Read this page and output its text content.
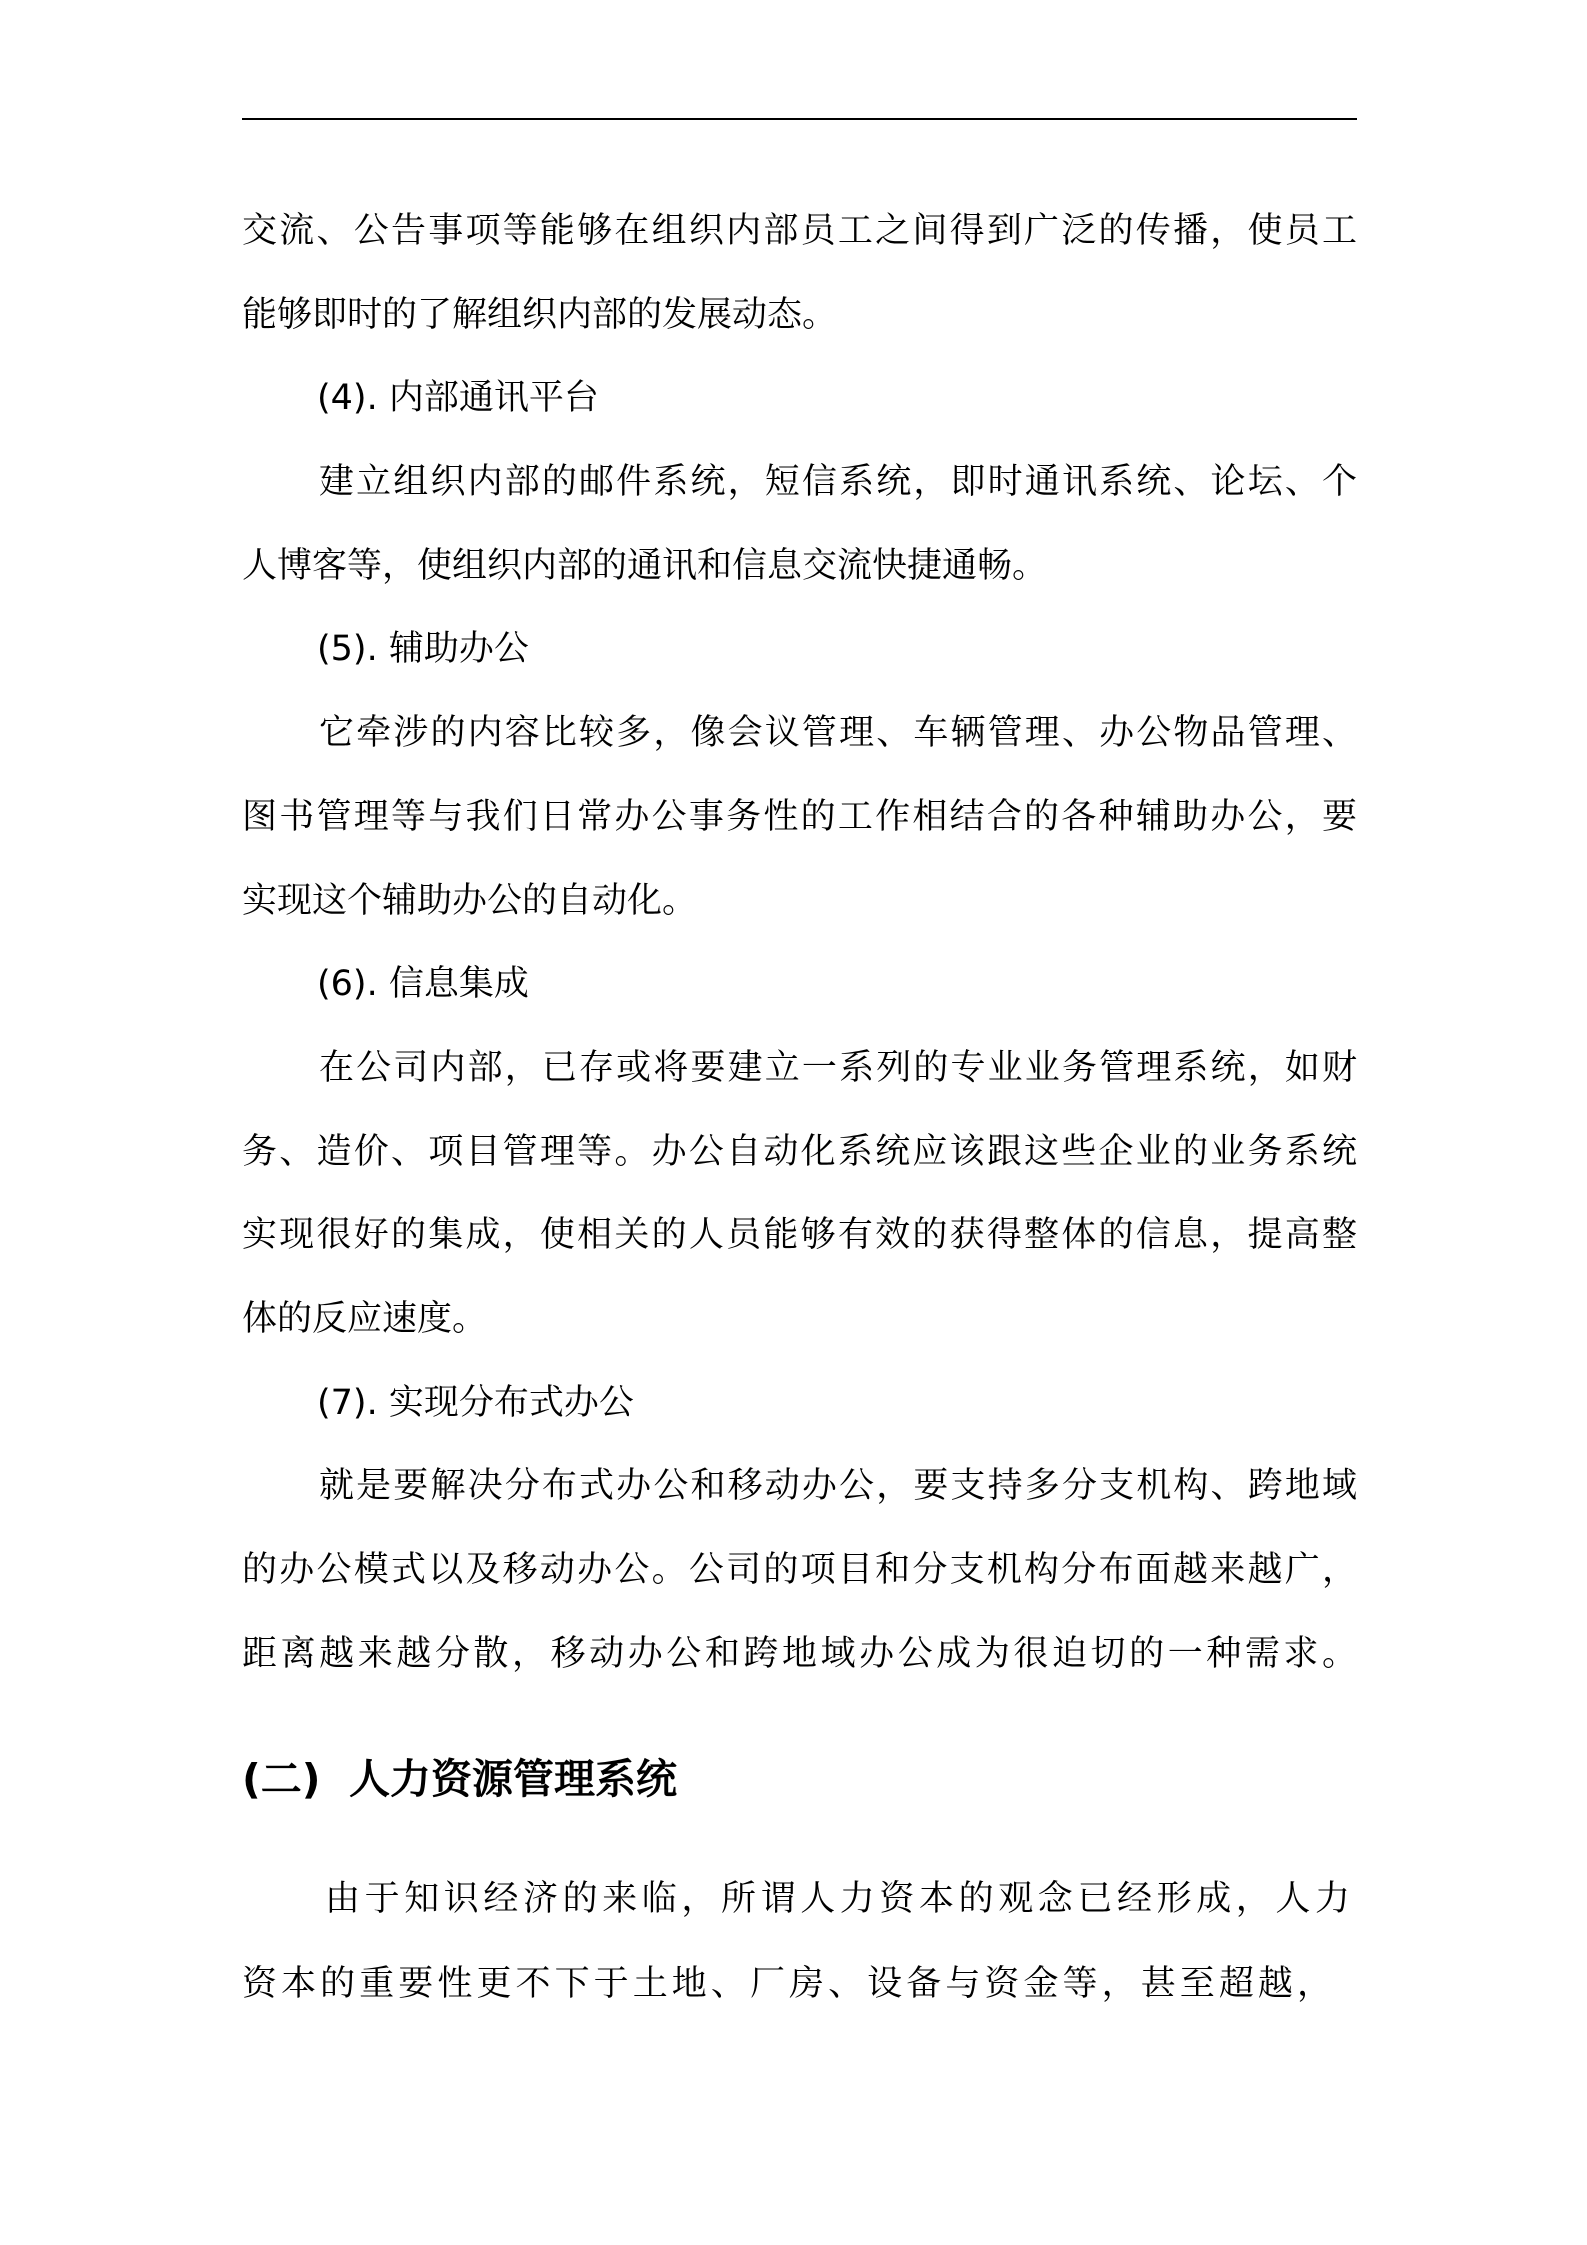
交流、公告事项等能够在组织内部员工之间得到广泛的传播，使员工
能够即时的了解组织内部的发展动态。
(4). 内部通讯平台
建立组织内部的邮件系统，短信系统，即时通讯系统、论坛、个
人博客等，使组织内部的通讯和信息交流快捷通畅。
(5). 辅助办公
它牵涉的内容比较多，像会议管理、车辆管理、办公物品管理、
图书管理等与我们日常办公事务性的工作相结合的各种辅助办公，要
实现这个辅助办公的自动化。
(6). 信息集成
在公司内部，已存或将要建立一系列的专业业务管理系统，如财
务、造价、项目管理等。办公自动化系统应该跟这些企业的业务系统
实现很好的集成，使相关的人员能够有效的获得整体的信息，提高整
体的反应速度。
(7). 实现分布式办公
就是要解决分布式办公和移动办公，要支持多分支机构、跨地域
的办公模式以及移动办公。公司的项目和分支机构分布面越来越广，
距离越来越分散，移动办公和跨地域办公成为很迫切的一种需求。
(二)  人力资源管理系统
由于知识经济的来临，所谓人力资本的观念已经形成，人力
资本的重要性更不下于土地、厂房、设备与资金等，甚至超越，
